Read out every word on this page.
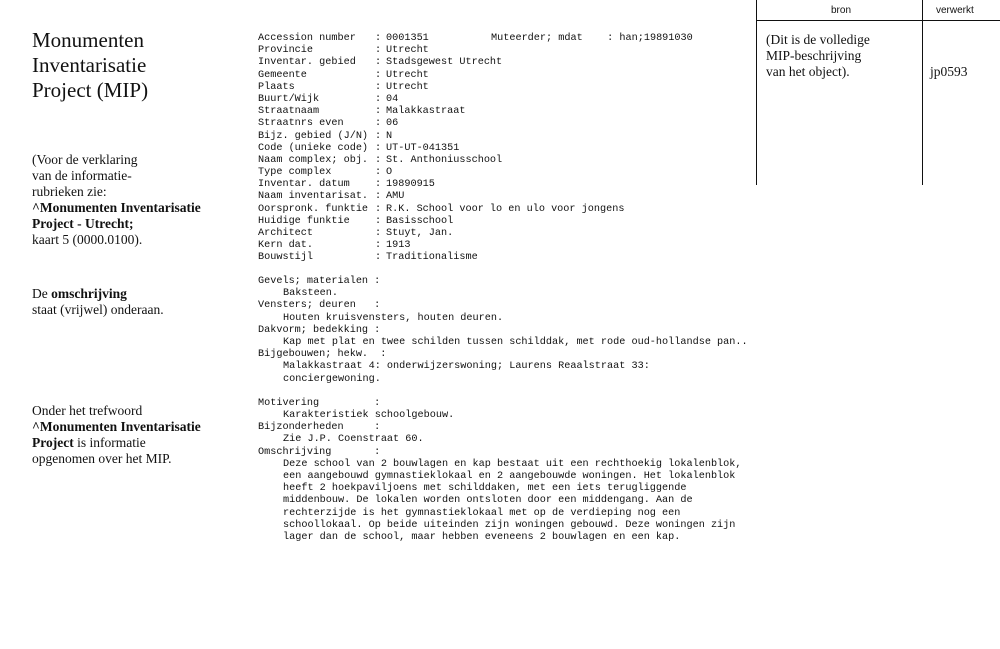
Monumenten
Inventarisatie
Project (MIP)
(Voor de verklaring
van de informatie-
rubrieken zie:
^Monumenten Inventarisatie
Project - Utrecht;
kaart 5 (0000.0100).
De omschrijving
staat (vrijwel) onderaan.
Onder het trefwoord
^Monumenten Inventarisatie
Project is informatie
opgenomen over het MIP.
Accession number : 0001351
Provincie	: Utrecht
Inventar. gebied : Stadsgewest Utrecht
Gemeente	: Utrecht
Plaats	: Utrecht
Buurt/Wijk	: 04
Straatnaam	: Malakkastraat
Straatnrs even	: 06
Bijz. gebied (J/N) : N
Code (unieke code) : UT-UT-041351
Naam complex; obj. : St. Anthoniusschool
Type complex	: O
Inventar. datum : 19890915
Naam inventarisat. : AMU
Oorspronk. funktie : R.K. School voor lo en ulo voor jongens
Huidige funktie : Basisschool
Architect	: Stuyt, Jan.
Kern dat.	: 1913
Bouwstijl	: Traditionalisme
Muteerder; mdat    : han;19891030
Gevels; materialen :
Baksteen.
Vensters; deuren   :
Houten kruisvensters, houten deuren.
Dakvorm; bedekking :
Kap met plat en twee schilden tussen schilddak, met rode oud-hollandse pan..
Bijgebouwen; hekw.  :
Malakkastraat 4: onderwijzerswoning; Laurens Reaalstraat 33:
conciergewoning.
Motivering         :
Karakteristiek schoolgebouw.
Bijzonderheden     :
Zie J.P. Coenstraat 60.
Omschrijving       :
Deze school van 2 bouwlagen en kap bestaat uit een rechthoekig lokalenblok,
een aangebouwd gymnastieklokaal en 2 aangebouwde woningen. Het lokalenblok
heeft 2 hoekpaviljoens met schilddaken, met een iets terugliggende
middenbouw. De lokalen worden ontsloten door een middengang. Aan de
rechterzijde is het gymnastieklokaal met op de verdieping nog een
schoollokaal. Op beide uiteinden zijn woningen gebouwd. Deze woningen zijn
lager dan de school, maar hebben eveneens 2 bouwlagen en een kap.
bron	verwerkt
(Dit is de volledige
MIP-beschrijving
van het object).	jp0593
